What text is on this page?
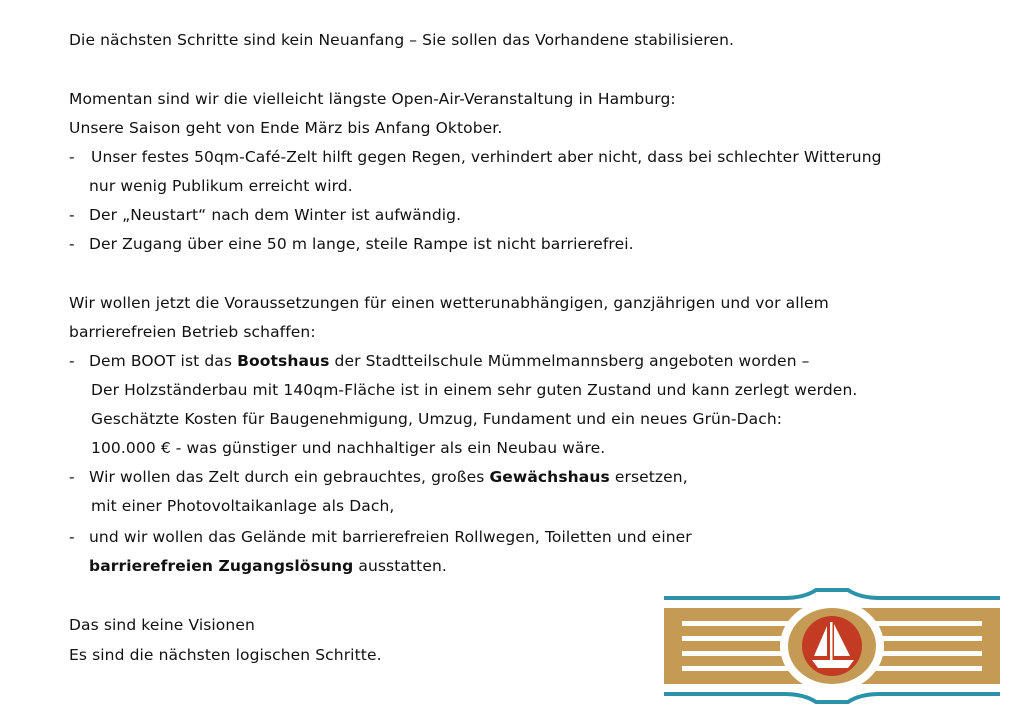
Die nächsten Schritte sind kein Neuanfang – Sie sollen das Vorhandene stabilisieren.
Momentan sind wir die vielleicht längste Open-Air-Veranstaltung in Hamburg:
Unsere Saison geht von Ende März bis Anfang Oktober.
- Unser festes 50qm-Café-Zelt hilft gegen Regen, verhindert aber nicht, dass bei schlechter Witterung
nur wenig Publikum erreicht wird.
- Der „Neustart“ nach dem Winter ist aufwändig.
- Der Zugang über eine 50 m lange, steile Rampe ist nicht barrierefrei.
Wir wollen jetzt die Voraussetzungen für einen wetterunabhängigen, ganzjährigen und vor allem
barrierefreien Betrieb schaffen:
- Dem BOOT ist das Bootshaus der Stadtteilschule Mümmelmannsberg angeboten worden –
Der Holzständerbau mit 140qm-Fläche ist in einem sehr guten Zustand und kann zerlegt werden.
Geschätzte Kosten für Baugenehmigung, Umzug, Fundament und ein neues Grün-Dach:
100.000 € - was günstiger und nachhaltiger als ein Neubau wäre.
- Wir wollen das Zelt durch ein gebrauchtes, großes Gewächshaus ersetzen,
mit einer Photovoltaikanlage als Dach,
- und wir wollen das Gelände mit barrierefreien Rollwegen, Toiletten und einer
barrierefreien Zugangslösung ausstatten.
Das sind keine Visionen
Es sind die nächsten logischen Schritte.
